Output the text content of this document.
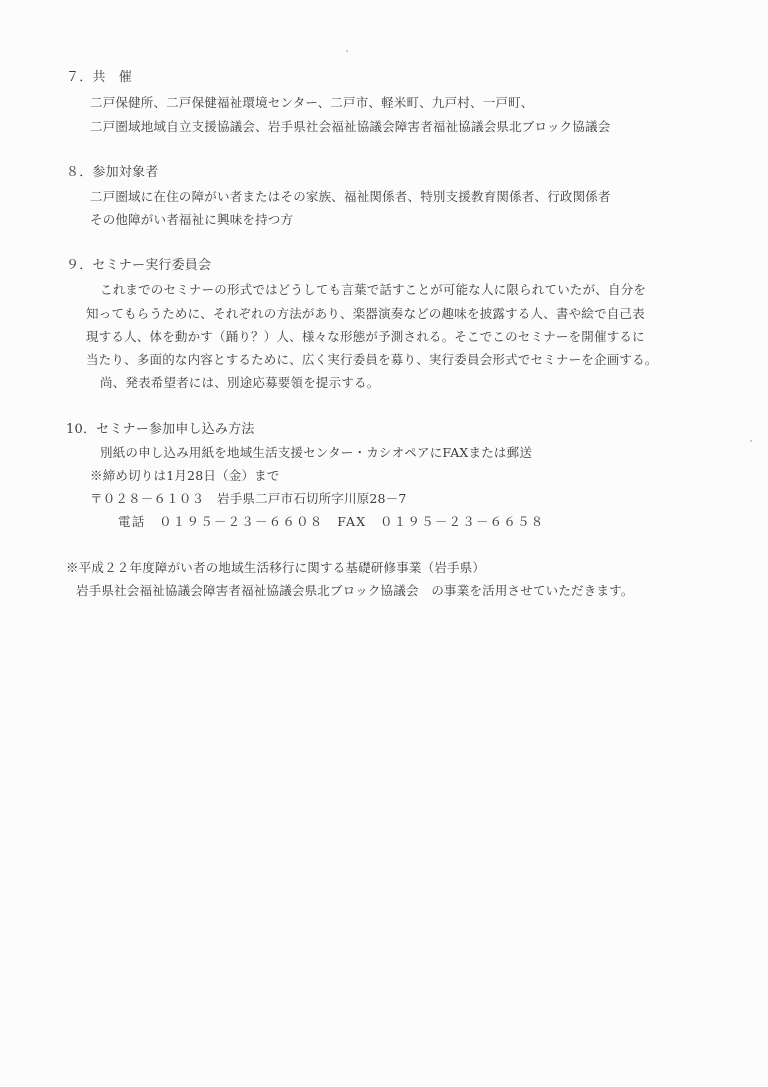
７．共　催
二戸保健所、二戸保健福祉環境センター、二戸市、軽米町、九戸村、一戸町、
二戸圏域地域自立支援協議会、岩手県社会福祉協議会障害者福祉協議会県北ブロック協議会
８．参加対象者
二戸圏域に在住の障がい者またはその家族、福祉関係者、特別支援教育関係者、行政関係者
その他障がい者福祉に興味を持つ方
９．セミナー実行委員会
これまでのセミナーの形式ではどうしても言葉で話すことが可能な人に限られていたが、自分を
知ってもらうために、それぞれの方法があり、楽器演奏などの趣味を披露する人、書や絵で自己表
現する人、体を動かす（踊り？）人、様々な形態が予測される。そこでこのセミナーを開催するに
当たり、多面的な内容とするために、広く実行委員を募り、実行委員会形式でセミナーを企画する。
尚、発表希望者には、別途応募要領を提示する。
10．セミナー参加申し込み方法
別紙の申し込み用紙を地域生活支援センター・カシオペアにFAXまたは郵送
※締め切りは1月28日（金）まで
〒０２８－６１０３　岩手県二戸市石切所字川原28－7
電話　０１９５－２３－６６０８　FAX　０１９５－２３－６６５８
※平成２２年度障がい者の地域生活移行に関する基礎研修事業（岩手県）
岩手県社会福祉協議会障害者福祉協議会県北ブロック協議会　の事業を活用させていただきます。
